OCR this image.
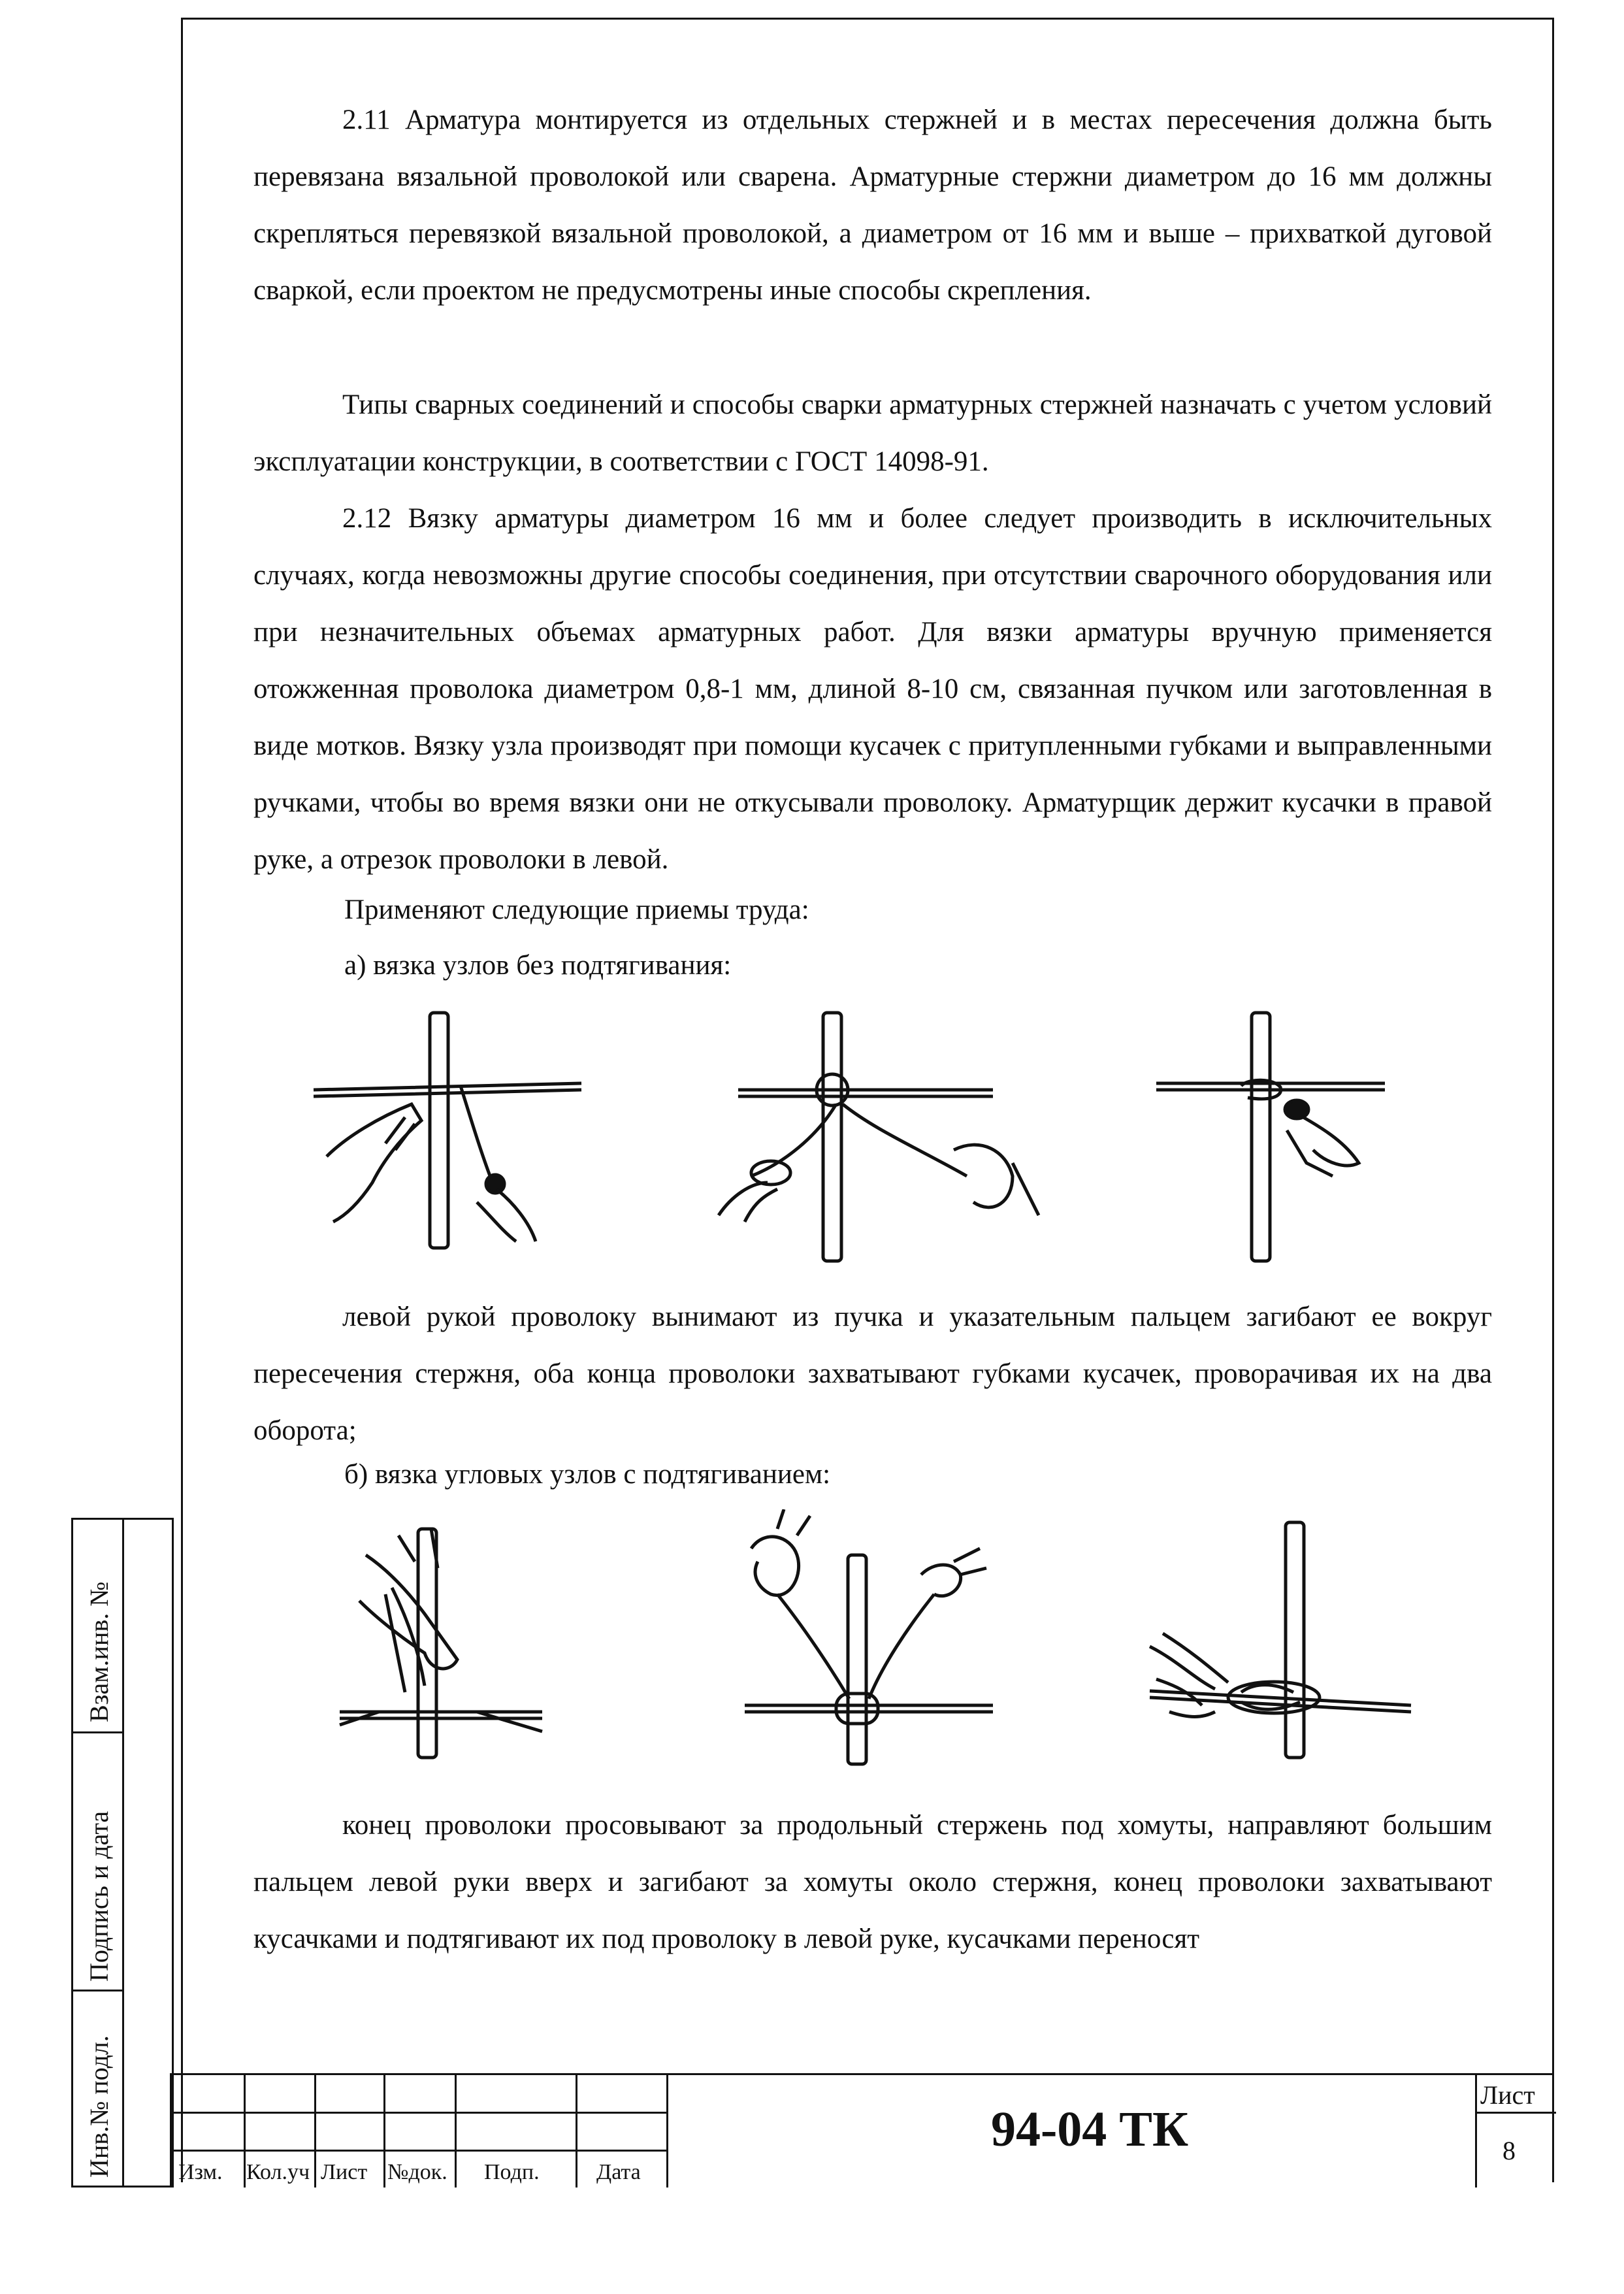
2.11 Арматура монтируется из отдельных стержней и в местах пересечения должна быть перевязана вязальной проволокой или сварена. Арматурные стержни диаметром до 16 мм должны скрепляться перевязкой вязальной проволокой, а диаметром от 16 мм и выше – прихваткой дуговой сваркой, если проектом не предусмотрены иные способы скрепления.

Типы сварных соединений и способы сварки арматурных стержней назначать с учетом условий эксплуатации конструкции, в соответствии с ГОСТ 14098-91.

2.12 Вязку арматуры диаметром 16 мм и более следует производить в исключительных случаях, когда невозможны другие способы соединения, при отсутствии сварочного оборудования или при незначительных объемах арматурных работ. Для вязки арматуры вручную применяется отожженная проволока диаметром 0,8-1 мм, длиной 8-10 см, связанная пучком или заготовленная в виде мотков. Вязку узла производят при помощи кусачек с притупленными губками и выправленными ручками, чтобы во время вязки они не откусывали проволоку. Арматурщик держит кусачки в правой руке, а отрезок проволоки в левой.

Применяют следующие приемы труда:

а) вязка узлов без подтягивания:

левой рукой проволоку вынимают из пучка и указательным пальцем загибают ее вокруг пересечения стержня, оба конца проволоки захватывают губками кусачек, проворачивая их на два оборота;

б) вязка угловых узлов с подтягиванием:

конец проволоки просовывают за продольный стержень под хомуты, направляют большим пальцем левой руки вверх и загибают за хомуты около стержня, конец проволоки захватывают кусачками и подтягивают их под проволоку в левой руке, кусачками переносят

Взам.инв. №
Подпись и дата
Инв.№ подл.	Изм. Кол.уч Лист №док. Подп.	Дата
94-04 ТК
Лист
8
